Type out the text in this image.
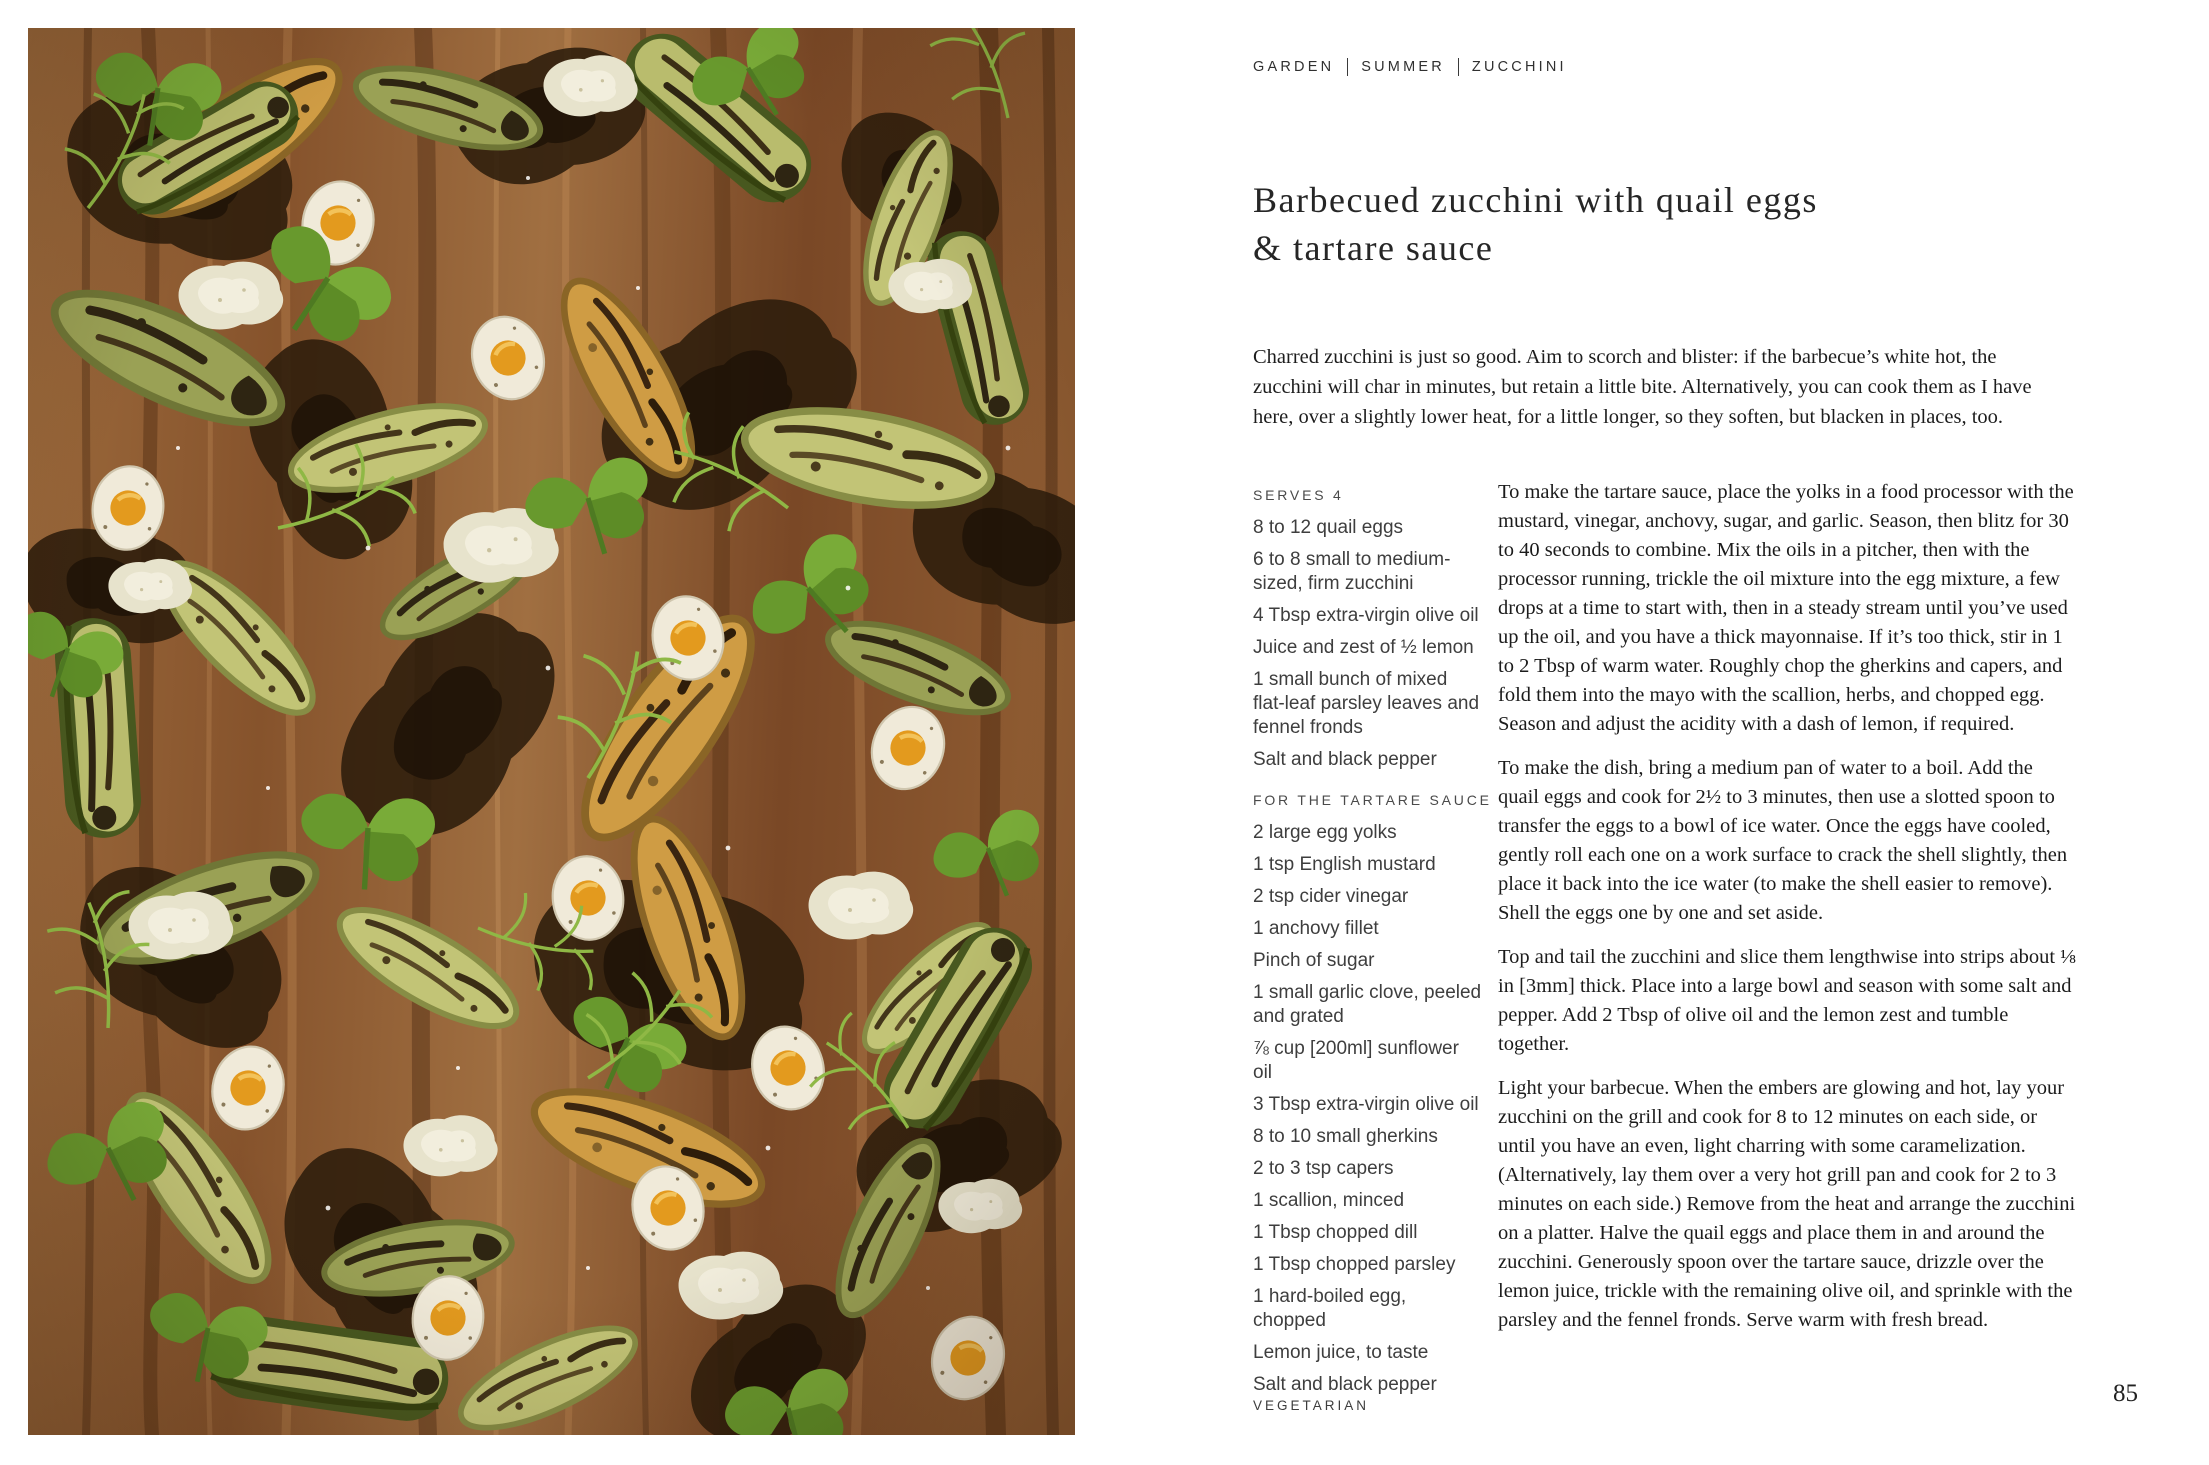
GARDEN SUMMER ZUCCHINI
Barbecued zucchini with quail eggs
& tartare sauce

Charred zucchini is just so good. Aim to scorch and blister: if the barbecue’s white hot, the zucchini will char in minutes, but retain a little bite. Alternatively, you can cook them as I have here, over a slightly lower heat, for a little longer, so they soften, but blacken in places, too.

SERVES 4
8 to 12 quail eggs
6 to 8 small to medium-sized, firm zucchini
4 Tbsp extra-virgin olive oil
Juice and zest of ½ lemon
1 small bunch of mixed flat-leaf parsley leaves and fennel fronds
Salt and black pepper
FOR THE TARTARE SAUCE
2 large egg yolks
1 tsp English mustard
2 tsp cider vinegar
1 anchovy fillet
Pinch of sugar
1 small garlic clove, peeled and grated
⅞ cup [200ml] sunflower oil
3 Tbsp extra-virgin olive oil
8 to 10 small gherkins
2 to 3 tsp capers
1 scallion, minced
1 Tbsp chopped dill
1 Tbsp chopped parsley
1 hard-boiled egg, chopped
Lemon juice, to taste
Salt and black pepper

To make the tartare sauce, place the yolks in a food processor with the mustard, vinegar, anchovy, sugar, and garlic. Season, then blitz for 30 to 40 seconds to combine. Mix the oils in a pitcher, then with the processor running, trickle the oil mixture into the egg mixture, a few drops at a time to start with, then in a steady stream until you’ve used up the oil, and you have a thick mayonnaise. If it’s too thick, stir in 1 to 2 Tbsp of warm water. Roughly chop the gherkins and capers, and fold them into the mayo with the scallion, herbs, and chopped egg. Season and adjust the acidity with a dash of lemon, if required.

To make the dish, bring a medium pan of water to a boil. Add the quail eggs and cook for 2½ to 3 minutes, then use a slotted spoon to transfer the eggs to a bowl of ice water. Once the eggs have cooled, gently roll each one on a work surface to crack the shell slightly, then place it back into the ice water (to make the shell easier to remove). Shell the eggs one by one and set aside.

Top and tail the zucchini and slice them lengthwise into strips about ⅛ in [3mm] thick. Place into a large bowl and season with some salt and pepper. Add 2 Tbsp of olive oil and the lemon zest and tumble together.

Light your barbecue. When the embers are glowing and hot, lay your zucchini on the grill and cook for 8 to 12 minutes on each side, or until you have an even, light charring with some caramelization. (Alternatively, lay them over a very hot grill pan and cook for 2 to 3 minutes on each side.) Remove from the heat and arrange the zucchini on a platter. Halve the quail eggs and place them in and around the zucchini. Generously spoon over the tartare sauce, drizzle over the lemon juice, trickle with the remaining olive oil, and sprinkle with the parsley and the fennel fronds. Serve warm with fresh bread.

VEGETARIAN	85
